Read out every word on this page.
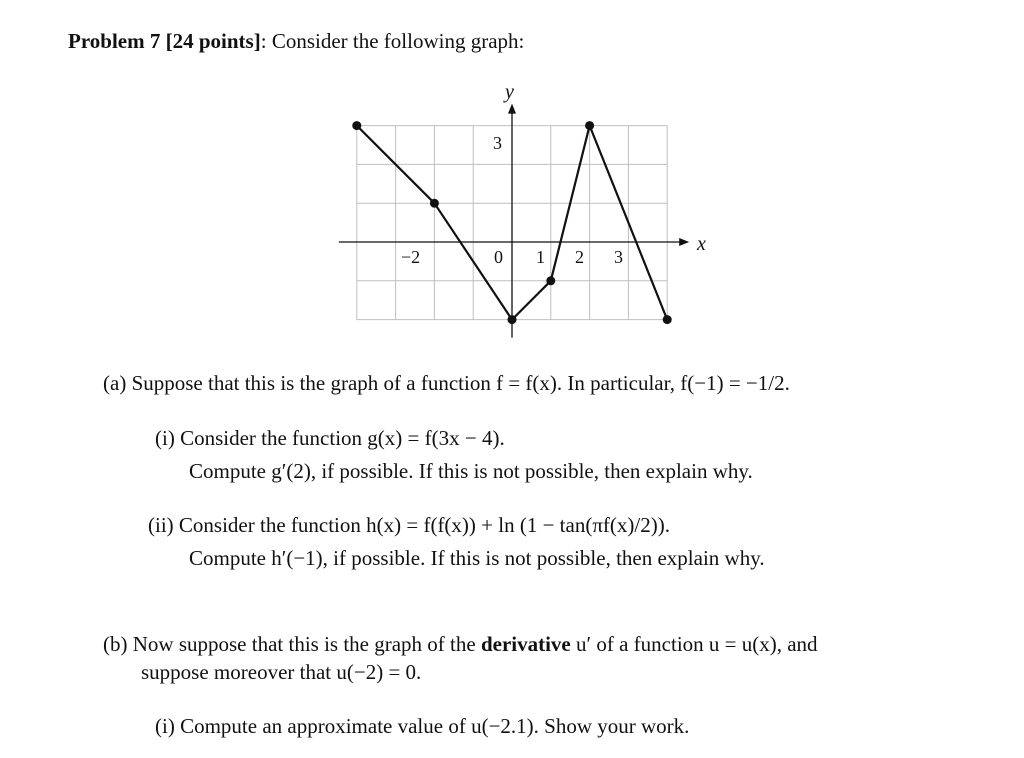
Problem 7 [24 points]: Consider the following graph:
y
x
3
−2	0 1 2 3
(a) Suppose that this is the graph of a function f = f(x). In particular, f(−1) = −1/2.
(i) Consider the function g(x) = f(3x − 4).
Compute g′(2), if possible. If this is not possible, then explain why.
(ii) Consider the function h(x) = f(f(x)) + ln (1 − tan(πf(x)/2)).
Compute h′(−1), if possible. If this is not possible, then explain why.
(b) Now suppose that this is the graph of the derivative u′ of a function u = u(x), and
suppose moreover that u(−2) = 0.
(i) Compute an approximate value of u(−2.1). Show your work.
